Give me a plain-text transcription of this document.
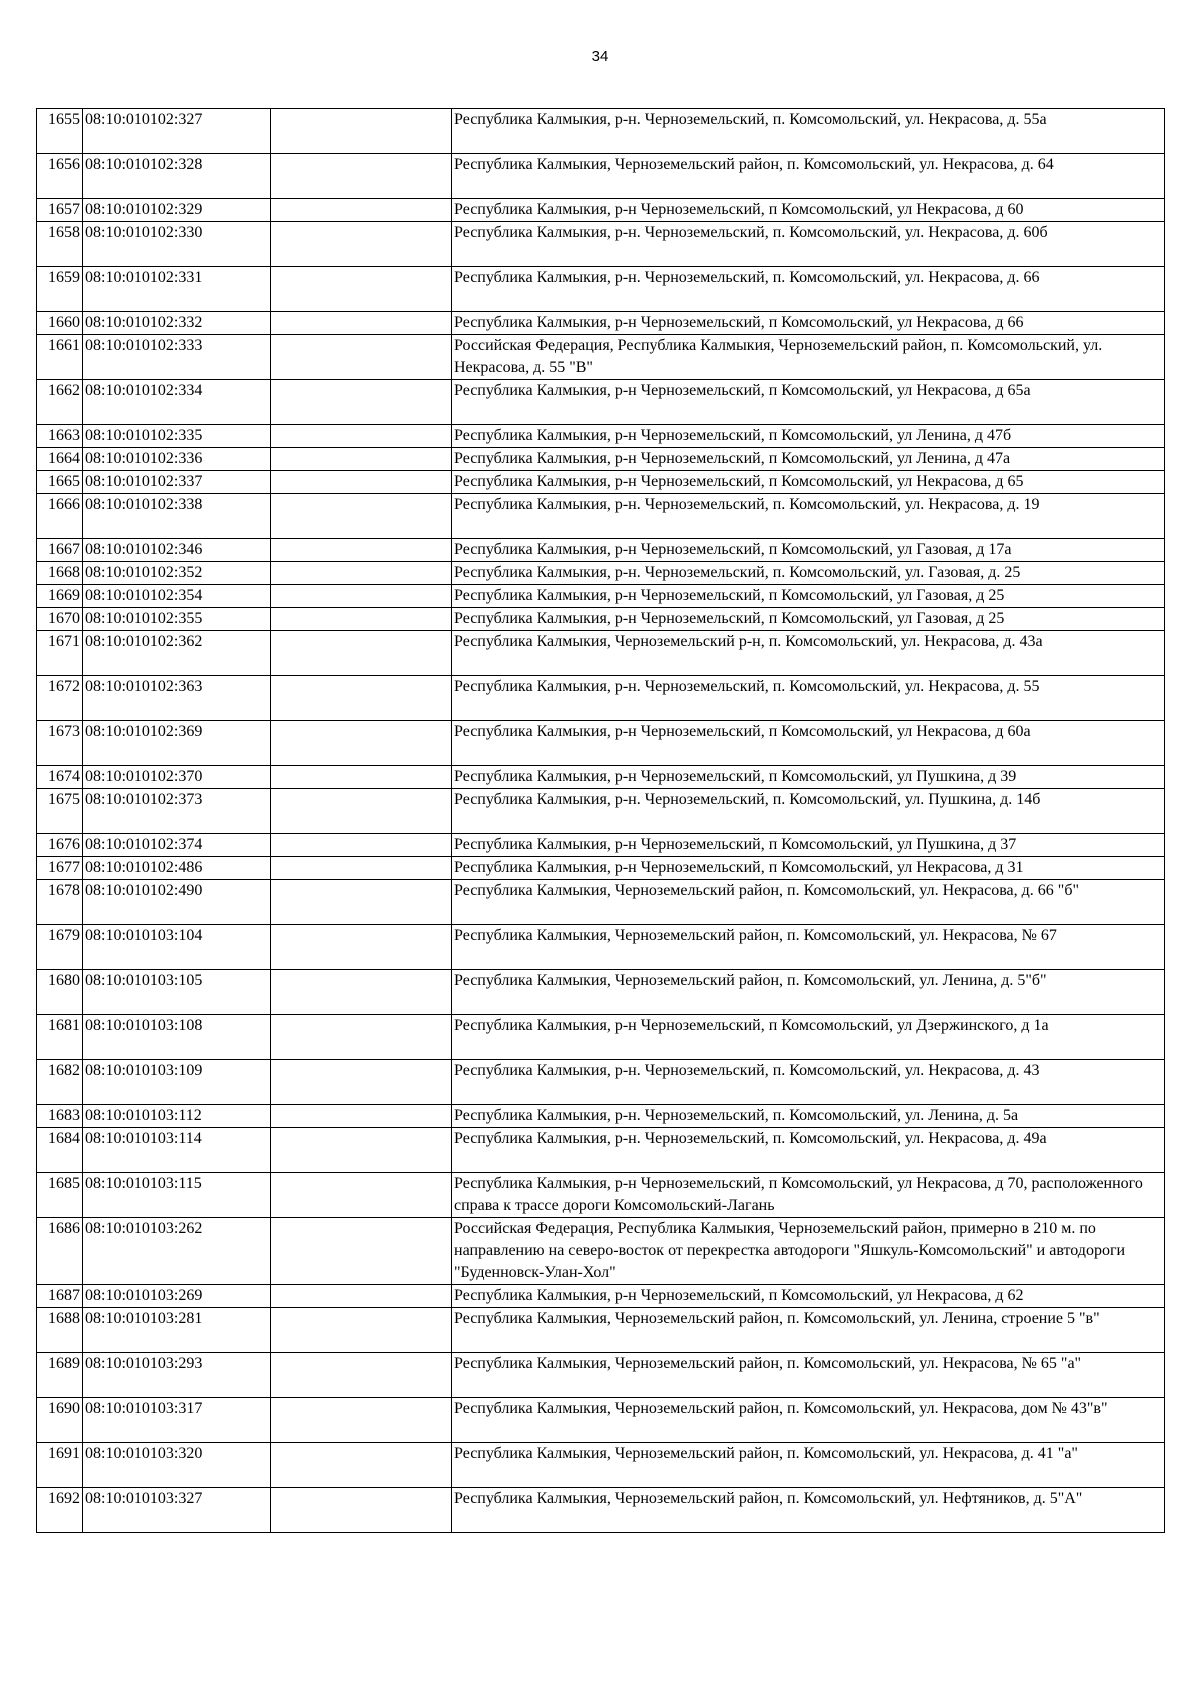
34
1655	08:10:010102:327		Республика Калмыкия, р-н. Черноземельский, п. Комсомольский, ул. Некрасова, д. 55а
1656	08:10:010102:328		Республика Калмыкия, Черноземельский район, п. Комсомольский, ул. Некрасова, д. 64
1657	08:10:010102:329		Республика Калмыкия, р-н Черноземельский, п Комсомольский, ул Некрасова, д 60
1658	08:10:010102:330		Республика Калмыкия, р-н. Черноземельский, п. Комсомольский, ул. Некрасова, д. 60б
1659	08:10:010102:331		Республика Калмыкия, р-н. Черноземельский, п. Комсомольский, ул. Некрасова, д. 66
1660	08:10:010102:332		Республика Калмыкия, р-н Черноземельский, п Комсомольский, ул Некрасова, д 66
1661	08:10:010102:333		Российская Федерация, Республика Калмыкия, Черноземельский район, п. Комсомольский, ул. Некрасова, д. 55 "В"
1662	08:10:010102:334		Республика Калмыкия, р-н Черноземельский, п Комсомольский, ул Некрасова, д 65а
1663	08:10:010102:335		Республика Калмыкия, р-н Черноземельский, п Комсомольский, ул Ленина, д 47б
1664	08:10:010102:336		Республика Калмыкия, р-н Черноземельский, п Комсомольский, ул Ленина, д 47а
1665	08:10:010102:337		Республика Калмыкия, р-н Черноземельский, п Комсомольский, ул Некрасова, д 65
1666	08:10:010102:338		Республика Калмыкия, р-н. Черноземельский, п. Комсомольский, ул. Некрасова, д. 19
1667	08:10:010102:346		Республика Калмыкия, р-н Черноземельский, п Комсомольский, ул Газовая, д 17а
1668	08:10:010102:352		Республика Калмыкия, р-н. Черноземельский, п. Комсомольский, ул. Газовая, д. 25
1669	08:10:010102:354		Республика Калмыкия, р-н Черноземельский, п Комсомольский, ул Газовая, д 25
1670	08:10:010102:355		Республика Калмыкия, р-н Черноземельский, п Комсомольский, ул Газовая, д 25
1671	08:10:010102:362		Республика Калмыкия, Черноземельский р-н, п. Комсомольский, ул. Некрасова, д. 43а
1672	08:10:010102:363		Республика Калмыкия, р-н. Черноземельский, п. Комсомольский, ул. Некрасова, д. 55
1673	08:10:010102:369		Республика Калмыкия, р-н Черноземельский, п Комсомольский, ул Некрасова, д 60а
1674	08:10:010102:370		Республика Калмыкия, р-н Черноземельский, п Комсомольский, ул Пушкина, д 39
1675	08:10:010102:373		Республика Калмыкия, р-н. Черноземельский, п. Комсомольский, ул. Пушкина, д. 14б
1676	08:10:010102:374		Республика Калмыкия, р-н Черноземельский, п Комсомольский, ул Пушкина, д 37
1677	08:10:010102:486		Республика Калмыкия, р-н Черноземельский, п Комсомольский, ул Некрасова, д 31
1678	08:10:010102:490		Республика Калмыкия, Черноземельский район, п. Комсомольский, ул. Некрасова, д. 66 "б"
1679	08:10:010103:104		Республика Калмыкия, Черноземельский район, п. Комсомольский, ул. Некрасова, № 67
1680	08:10:010103:105		Республика Калмыкия, Черноземельский район, п. Комсомольский, ул. Ленина, д. 5"б"
1681	08:10:010103:108		Республика Калмыкия, р-н Черноземельский, п Комсомольский, ул Дзержинского, д 1а
1682	08:10:010103:109		Республика Калмыкия, р-н. Черноземельский, п. Комсомольский, ул. Некрасова, д. 43
1683	08:10:010103:112		Республика Калмыкия, р-н. Черноземельский, п. Комсомольский, ул. Ленина, д. 5а
1684	08:10:010103:114		Республика Калмыкия, р-н. Черноземельский, п. Комсомольский, ул. Некрасова, д. 49а
1685	08:10:010103:115		Республика Калмыкия, р-н Черноземельский, п Комсомольский, ул Некрасова, д 70, расположенного справа к трассе дороги Комсомольский-Лагань
1686	08:10:010103:262		Российская Федерация, Республика Калмыкия, Черноземельский район, примерно в 210 м. по направлению на северо-восток от перекрестка автодороги "Яшкуль-Комсомольский" и автодороги "Буденновск-Улан-Хол"
1687	08:10:010103:269		Республика Калмыкия, р-н Черноземельский, п Комсомольский, ул Некрасова, д 62
1688	08:10:010103:281		Республика Калмыкия, Черноземельский район, п. Комсомольский, ул. Ленина, строение 5 "в"
1689	08:10:010103:293		Республика Калмыкия, Черноземельский район, п. Комсомольский, ул. Некрасова, № 65 "а"
1690	08:10:010103:317		Республика Калмыкия, Черноземельский район, п. Комсомольский, ул. Некрасова, дом № 43"в"
1691	08:10:010103:320		Республика Калмыкия, Черноземельский район, п. Комсомольский, ул. Некрасова, д. 41 "а"
1692	08:10:010103:327		Республика Калмыкия, Черноземельский район, п. Комсомольский, ул. Нефтяников, д. 5"А"
